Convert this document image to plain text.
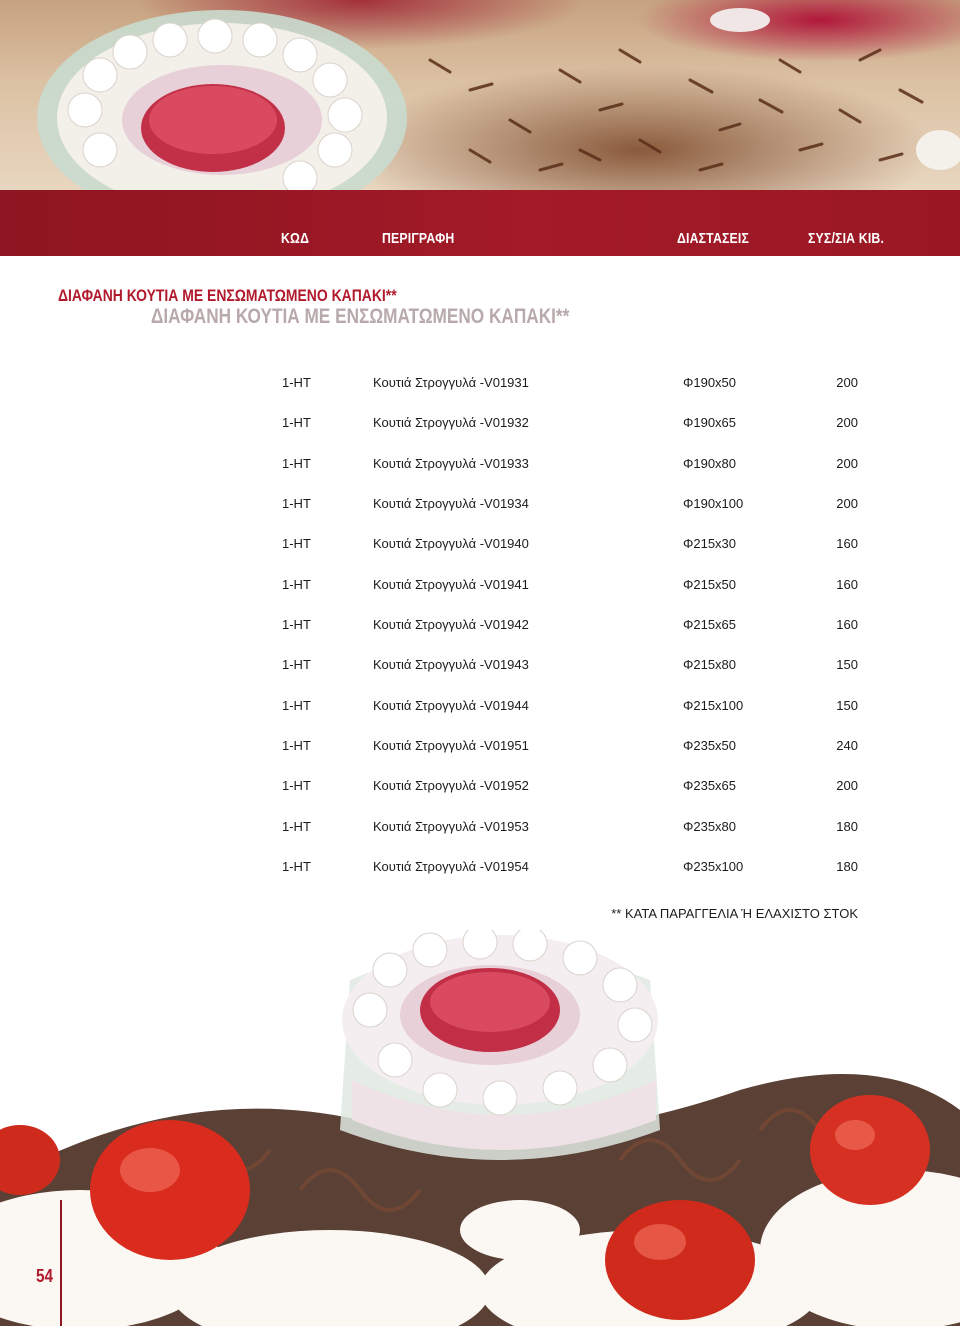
ΚΩΔ	ΠΕΡΙΓΡΑΦΗ	ΔΙΑΣΤΑΣΕΙΣ	ΣΥΣ/ΣΙΑ ΚΙΒ.
ΔΙΑΦΑΝΗ ΚΟΥΤΙΑ ΜΕ ΕΝΣΩΜΑΤΩΜΕΝΟ ΚΑΠΑΚΙ**
ΔΙΑΦΑΝΗ ΚΟΥΤΙΑ ΜΕ ΕΝΣΩΜΑΤΩΜΕΝΟ ΚΑΠΑΚΙ**
1-HT	Κουτιά Στρογγυλά -V01931	Φ190x50	200
1-HT	Κουτιά Στρογγυλά -V01932	Φ190x65	200
1-HT	Κουτιά Στρογγυλά -V01933	Φ190x80	200
1-HT	Κουτιά Στρογγυλά -V01934	Φ190x100	200
1-HT	Κουτιά Στρογγυλά -V01940	Φ215x30	160
1-HT	Κουτιά Στρογγυλά -V01941	Φ215x50	160
1-HT	Κουτιά Στρογγυλά -V01942	Φ215x65	160
1-HT	Κουτιά Στρογγυλά -V01943	Φ215x80	150
1-HT	Κουτιά Στρογγυλά -V01944	Φ215x100	150
1-HT	Κουτιά Στρογγυλά -V01951	Φ235x50	240
1-HT	Κουτιά Στρογγυλά -V01952	Φ235x65	200
1-HT	Κουτιά Στρογγυλά -V01953	Φ235x80	180
1-HT	Κουτιά Στρογγυλά -V01954	Φ235x100	180
** ΚΑΤΑ ΠΑΡΑΓΓΕΛΙΑ Ή ΕΛΑΧΙΣΤΟ ΣΤΟΚ
54
